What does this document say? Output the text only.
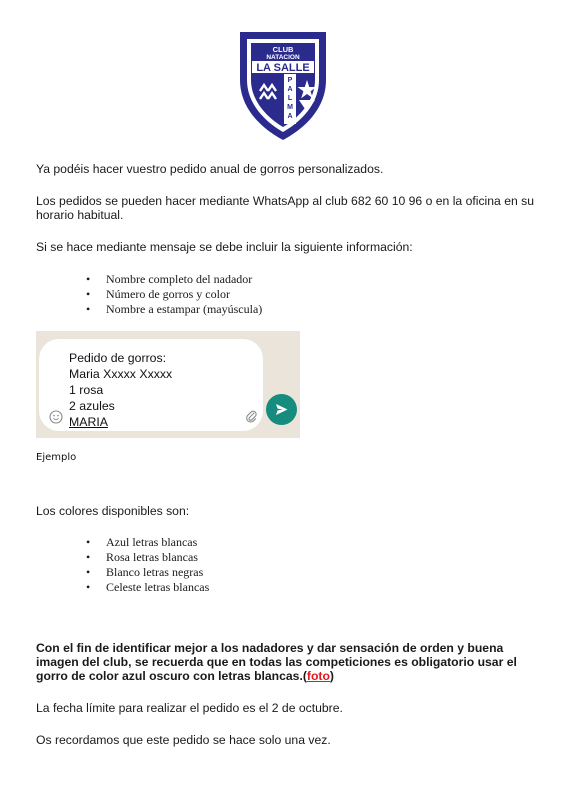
CLUB
NATACION
LA SALLE
P
A
L
M
A

Ya podéis hacer vuestro pedido anual de gorros personalizados.

Los pedidos se pueden hacer mediante WhatsApp al club 682 60 10 96 o en la oficina en su horario habitual.

Si se hace mediante mensaje se debe incluir la siguiente información:

• Nombre completo del nadador
• Número de gorros y color
• Nombre a estampar (mayúscula)
Pedido de gorros:
Maria Xxxxx Xxxxx
1 rosa
2 azules
MARIA
Ejemplo

Los colores disponibles son:

• Azul letras blancas
• Rosa letras blancas
• Blanco letras negras
• Celeste letras blancas

Con el fin de identificar mejor a los nadadores y dar sensación de orden y buena imagen del club, se recuerda que en todas las competiciones es obligatorio usar el gorro de color azul oscuro con letras blancas.(foto)

La fecha límite para realizar el pedido es el 2 de octubre.

Os recordamos que este pedido se hace solo una vez.
